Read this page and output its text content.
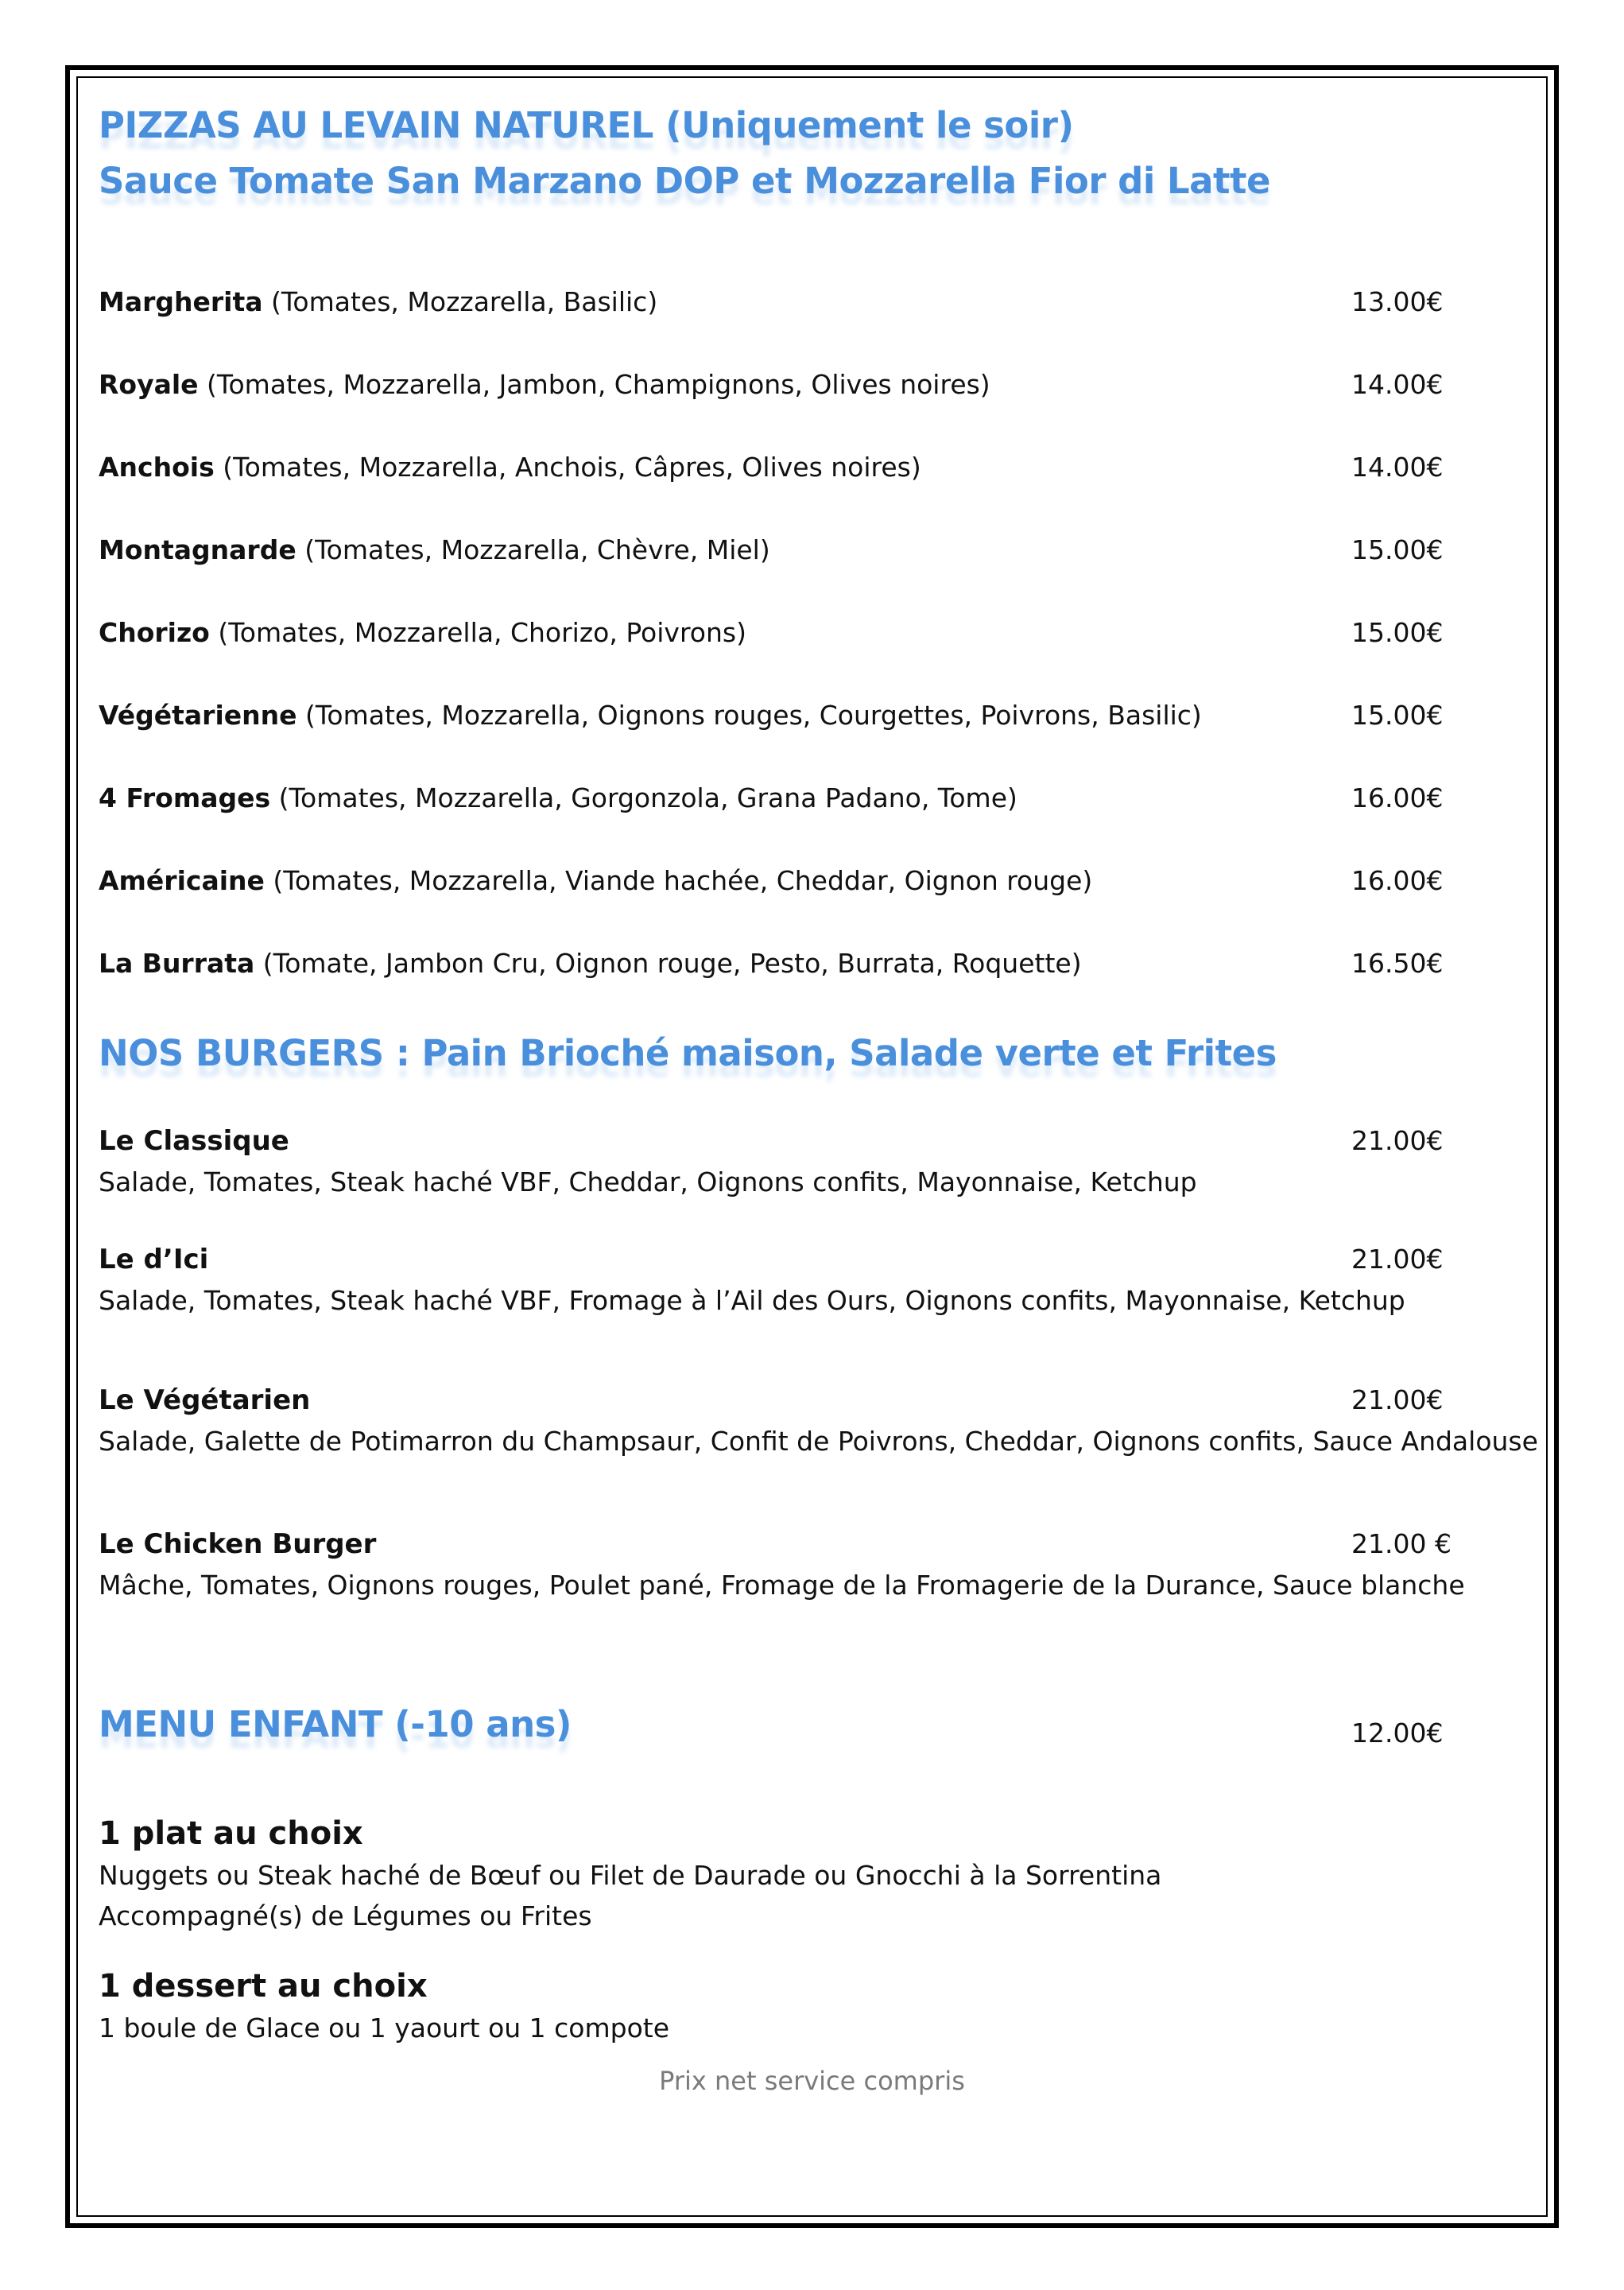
PIZZAS AU LEVAIN NATUREL (Uniquement le soir)
Sauce Tomate San Marzano DOP et Mozzarella Fior di Latte
Margherita (Tomates, Mozzarella, Basilic)	13.00€
Royale (Tomates, Mozzarella, Jambon, Champignons, Olives noires)	14.00€
Anchois (Tomates, Mozzarella, Anchois, Câpres, Olives noires)	14.00€
Montagnarde (Tomates, Mozzarella, Chèvre, Miel)	15.00€
Chorizo (Tomates, Mozzarella, Chorizo, Poivrons)	15.00€
Végétarienne (Tomates, Mozzarella, Oignons rouges, Courgettes, Poivrons, Basilic)	15.00€
4 Fromages (Tomates, Mozzarella, Gorgonzola, Grana Padano, Tome)	16.00€
Américaine (Tomates, Mozzarella, Viande hachée, Cheddar, Oignon rouge)	16.00€
La Burrata (Tomate, Jambon Cru, Oignon rouge, Pesto, Burrata, Roquette)	16.50€
NOS BURGERS : Pain Brioché maison, Salade verte et Frites
Le Classique	21.00€
Salade, Tomates, Steak haché VBF, Cheddar, Oignons confits, Mayonnaise, Ketchup
Le d’Ici	21.00€
Salade, Tomates, Steak haché VBF, Fromage à l’Ail des Ours, Oignons confits, Mayonnaise, Ketchup
Le Végétarien	21.00€
Salade, Galette de Potimarron du Champsaur, Confit de Poivrons, Cheddar, Oignons confits, Sauce Andalouse
Le Chicken Burger	21.00 €
Mâche, Tomates, Oignons rouges, Poulet pané, Fromage de la Fromagerie de la Durance, Sauce blanche
MENU ENFANT (-10 ans)	12.00€
1 plat au choix
Nuggets ou Steak haché de Bœuf ou Filet de Daurade ou Gnocchi à la Sorrentina
Accompagné(s) de Légumes ou Frites
1 dessert au choix
1 boule de Glace ou 1 yaourt ou 1 compote
Prix net service compris
